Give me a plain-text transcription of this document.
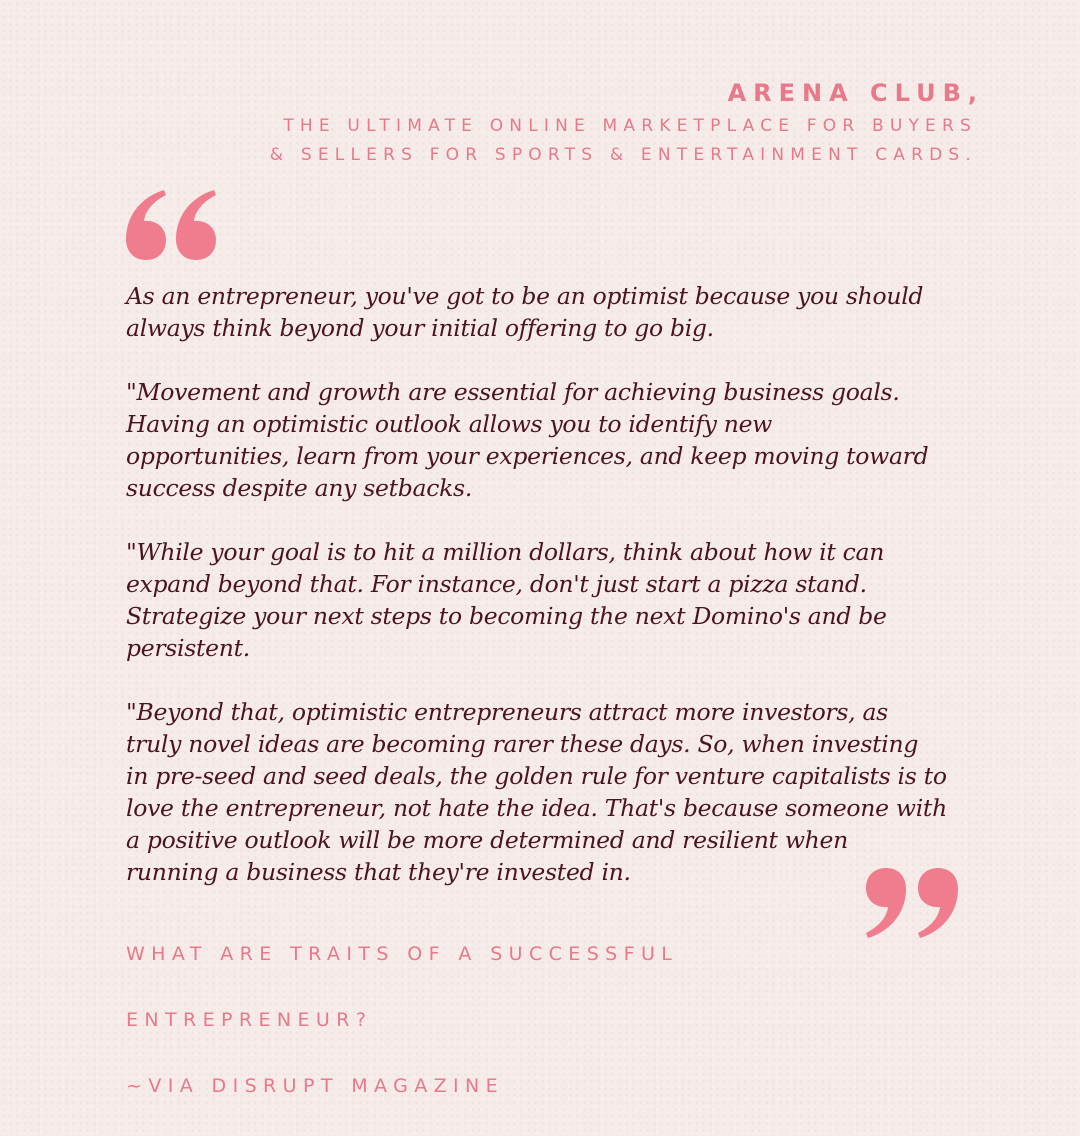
ARENA CLUB,
THE ULTIMATE ONLINE MARKETPLACE FOR BUYERS
& SELLERS FOR SPORTS & ENTERTAINMENT CARDS.

As an entrepreneur, you've got to be an optimist because you should
always think beyond your initial offering to go big.

"Movement and growth are essential for achieving business goals.
Having an optimistic outlook allows you to identify new
opportunities, learn from your experiences, and keep moving toward
success despite any setbacks.

"While your goal is to hit a million dollars, think about how it can
expand beyond that. For instance, don't just start a pizza stand.
Strategize your next steps to becoming the next Domino's and be
persistent.

"Beyond that, optimistic entrepreneurs attract more investors, as
truly novel ideas are becoming rarer these days. So, when investing
in pre-seed and seed deals, the golden rule for venture capitalists is to
love the entrepreneur, not hate the idea. That's because someone with
a positive outlook will be more determined and resilient when
running a business that they're invested in.

WHAT ARE TRAITS OF A SUCCESSFUL

ENTREPRENEUR?

~VIA DISRUPT MAGAZINE
